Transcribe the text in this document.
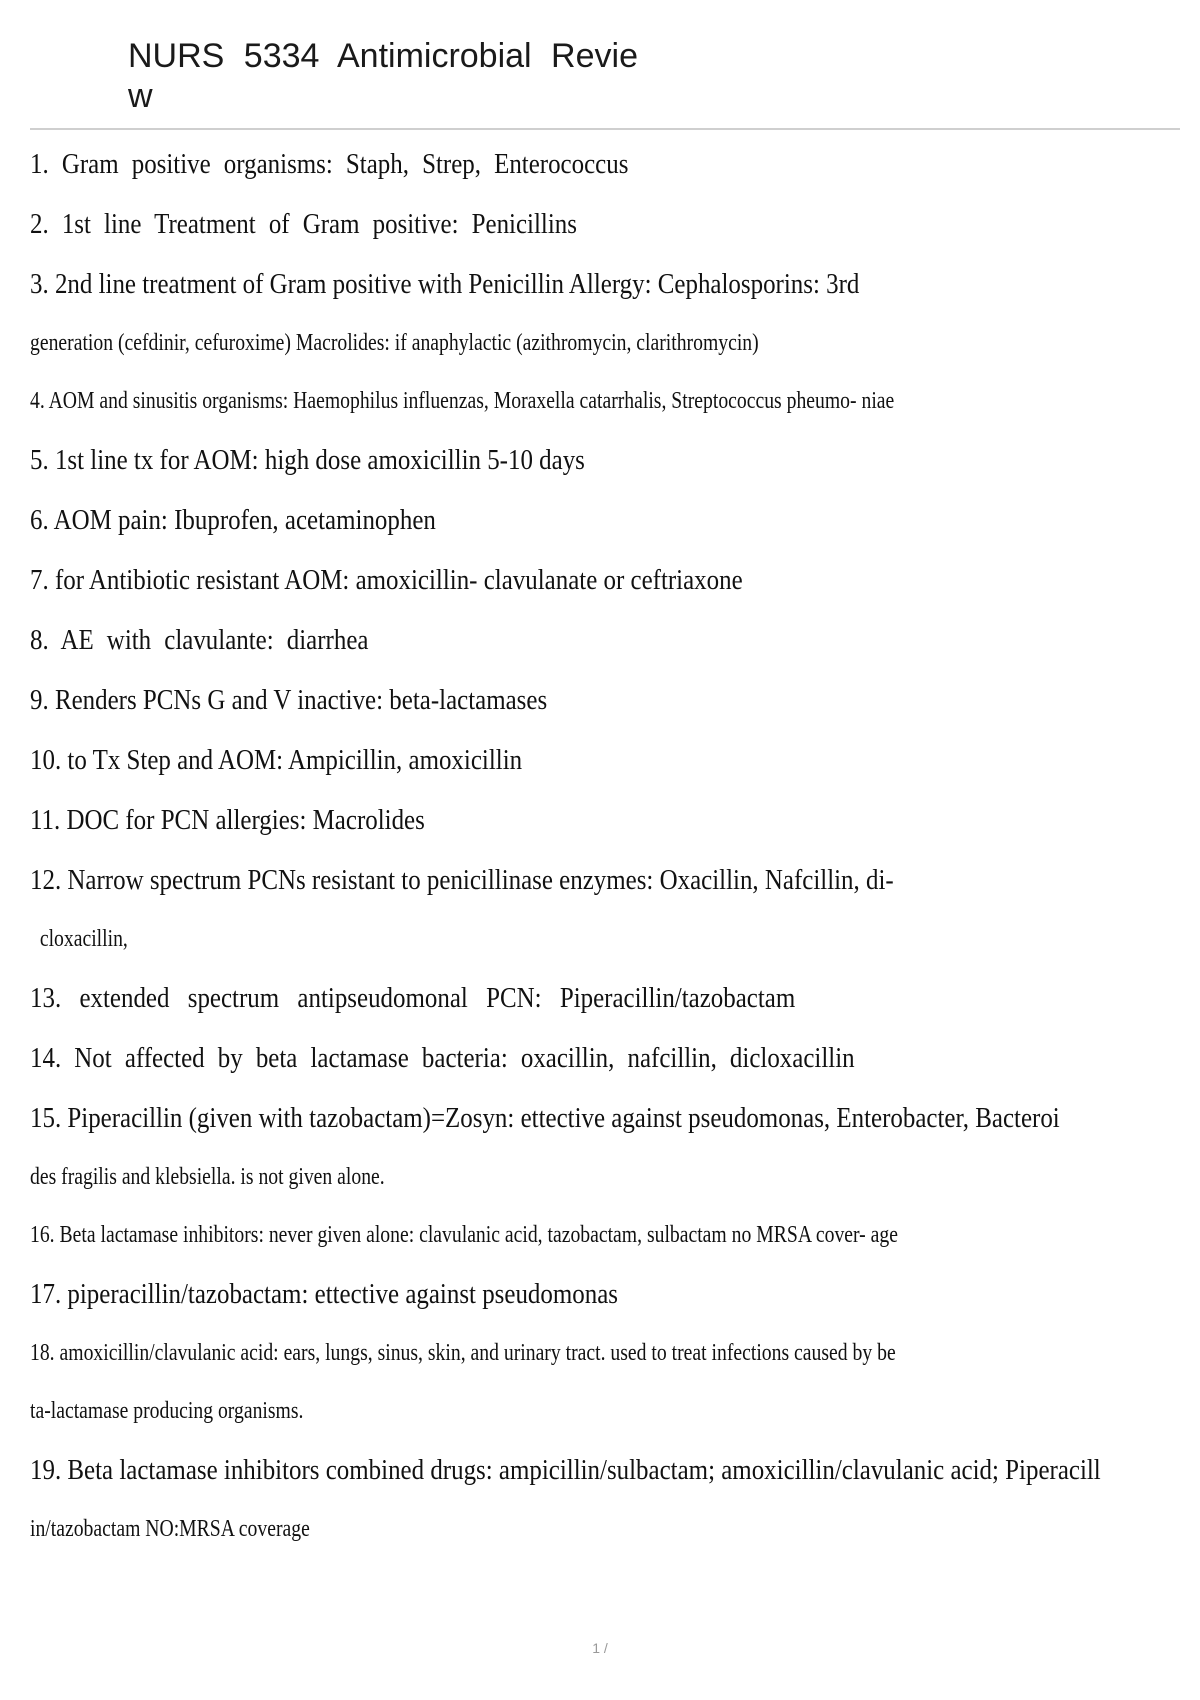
NURS 5334 Antimicrobial Revie
w
1. Gram positive organisms: Staph, Strep, Enterococcus
2. 1st line Treatment of Gram positive: Penicillins
3. 2nd line treatment of Gram positive with Penicillin Allergy: Cephalosporins: 3rd
generation (cefdinir, cefuroxime) Macrolides: if anaphylactic (azithromycin, clarithromycin)
4. AOM and sinusitis organisms: Haemophilus influenzas, Moraxella catarrhalis, Streptococcus pheumo- niae
5. 1st line tx for AOM: high dose amoxicillin 5-10 days
6. AOM pain: Ibuprofen, acetaminophen
7. for Antibiotic resistant AOM: amoxicillin- clavulanate or ceftriaxone
8. AE with clavulante: diarrhea
9. Renders PCNs G and V inactive: beta-lactamases
10. to Tx Step and AOM: Ampicillin, amoxicillin
11. DOC for PCN allergies: Macrolides
12. Narrow spectrum PCNs resistant to penicillinase enzymes: Oxacillin, Nafcillin, di-
cloxacillin,
13. extended spectrum antipseudomonal PCN: Piperacillin/tazobactam
14. Not affected by beta lactamase bacteria: oxacillin, nafcillin, dicloxacillin
15. Piperacillin (given with tazobactam)=Zosyn: ettective against pseudomonas, Enterobacter, Bacteroi
des fragilis and klebsiella. is not given alone.
16. Beta lactamase inhibitors: never given alone: clavulanic acid, tazobactam, sulbactam no MRSA cover- age
17. piperacillin/tazobactam: ettective against pseudomonas
18. amoxicillin/clavulanic acid: ears, lungs, sinus, skin, and urinary tract. used to treat infections caused by be
ta-lactamase producing organisms.
19. Beta lactamase inhibitors combined drugs: ampicillin/sulbactam; amoxicillin/clavulanic acid; Piperacill
in/tazobactam NO:MRSA coverage
1 /
